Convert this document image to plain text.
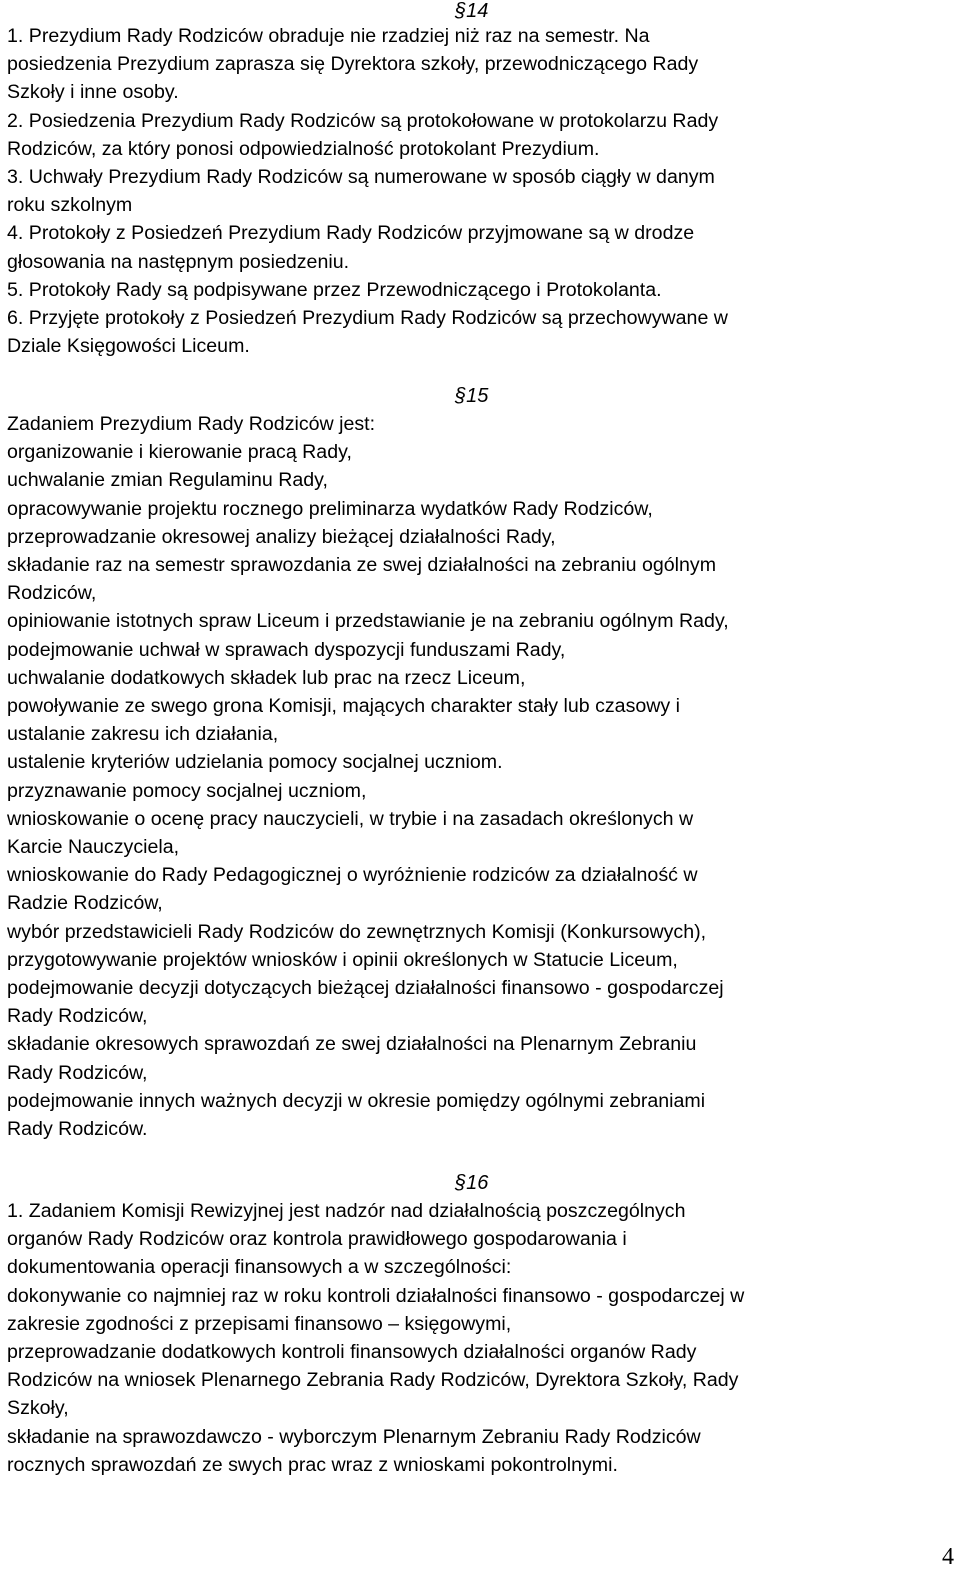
§14
1. Prezydium Rady Rodziców obraduje nie rzadziej niż raz na semestr. Na
posiedzenia Prezydium zaprasza się Dyrektora szkoły, przewodniczącego Rady
Szkoły i inne osoby.
2. Posiedzenia Prezydium Rady Rodziców są protokołowane w protokolarzu Rady
Rodziców, za który ponosi odpowiedzialność protokolant Prezydium.
3. Uchwały Prezydium Rady Rodziców są numerowane w sposób ciągły w danym
roku szkolnym
4. Protokoły z Posiedzeń Prezydium Rady Rodziców przyjmowane są w drodze
głosowania na następnym posiedzeniu.
5. Protokoły Rady są podpisywane przez Przewodniczącego i Protokolanta.
6. Przyjęte protokoły z Posiedzeń Prezydium Rady Rodziców są przechowywane w
Dziale Księgowości Liceum.
§15
Zadaniem Prezydium Rady Rodziców jest:
organizowanie i kierowanie pracą Rady,
uchwalanie zmian Regulaminu Rady,
opracowywanie projektu rocznego preliminarza wydatków Rady Rodziców,
przeprowadzanie okresowej analizy bieżącej działalności Rady,
składanie raz na semestr sprawozdania ze swej działalności na zebraniu ogólnym
Rodziców,
opiniowanie istotnych spraw Liceum i przedstawianie je na zebraniu ogólnym Rady,
podejmowanie uchwał w sprawach dyspozycji funduszami Rady,
uchwalanie dodatkowych składek lub prac na rzecz Liceum,
powoływanie ze swego grona Komisji, mających charakter stały lub czasowy i
ustalanie zakresu ich działania,
ustalenie kryteriów udzielania pomocy socjalnej uczniom.
przyznawanie pomocy socjalnej uczniom,
wnioskowanie o ocenę pracy nauczycieli, w trybie i na zasadach określonych w
Karcie Nauczyciela,
wnioskowanie do Rady Pedagogicznej o wyróżnienie rodziców za działalność w
Radzie Rodziców,
wybór przedstawicieli Rady Rodziców do zewnętrznych Komisji (Konkursowych),
przygotowywanie projektów wniosków i opinii określonych w Statucie Liceum,
podejmowanie decyzji dotyczących bieżącej działalności finansowo - gospodarczej
Rady Rodziców,
składanie okresowych sprawozdań ze swej działalności na Plenarnym Zebraniu
Rady Rodziców,
podejmowanie innych ważnych decyzji w okresie pomiędzy ogólnymi zebraniami
Rady Rodziców.
§16
1. Zadaniem Komisji Rewizyjnej jest nadzór nad działalnością poszczególnych
organów Rady Rodziców oraz kontrola prawidłowego gospodarowania i
dokumentowania operacji finansowych a w szczególności:
dokonywanie co najmniej raz w roku kontroli działalności finansowo - gospodarczej w
zakresie zgodności z przepisami finansowo – księgowymi,
przeprowadzanie dodatkowych kontroli finansowych działalności organów Rady
Rodziców na wniosek Plenarnego Zebrania Rady Rodziców, Dyrektora Szkoły, Rady
Szkoły,
składanie na sprawozdawczo - wyborczym Plenarnym Zebraniu Rady Rodziców
rocznych sprawozdań ze swych prac wraz z wnioskami pokontrolnymi.
4
